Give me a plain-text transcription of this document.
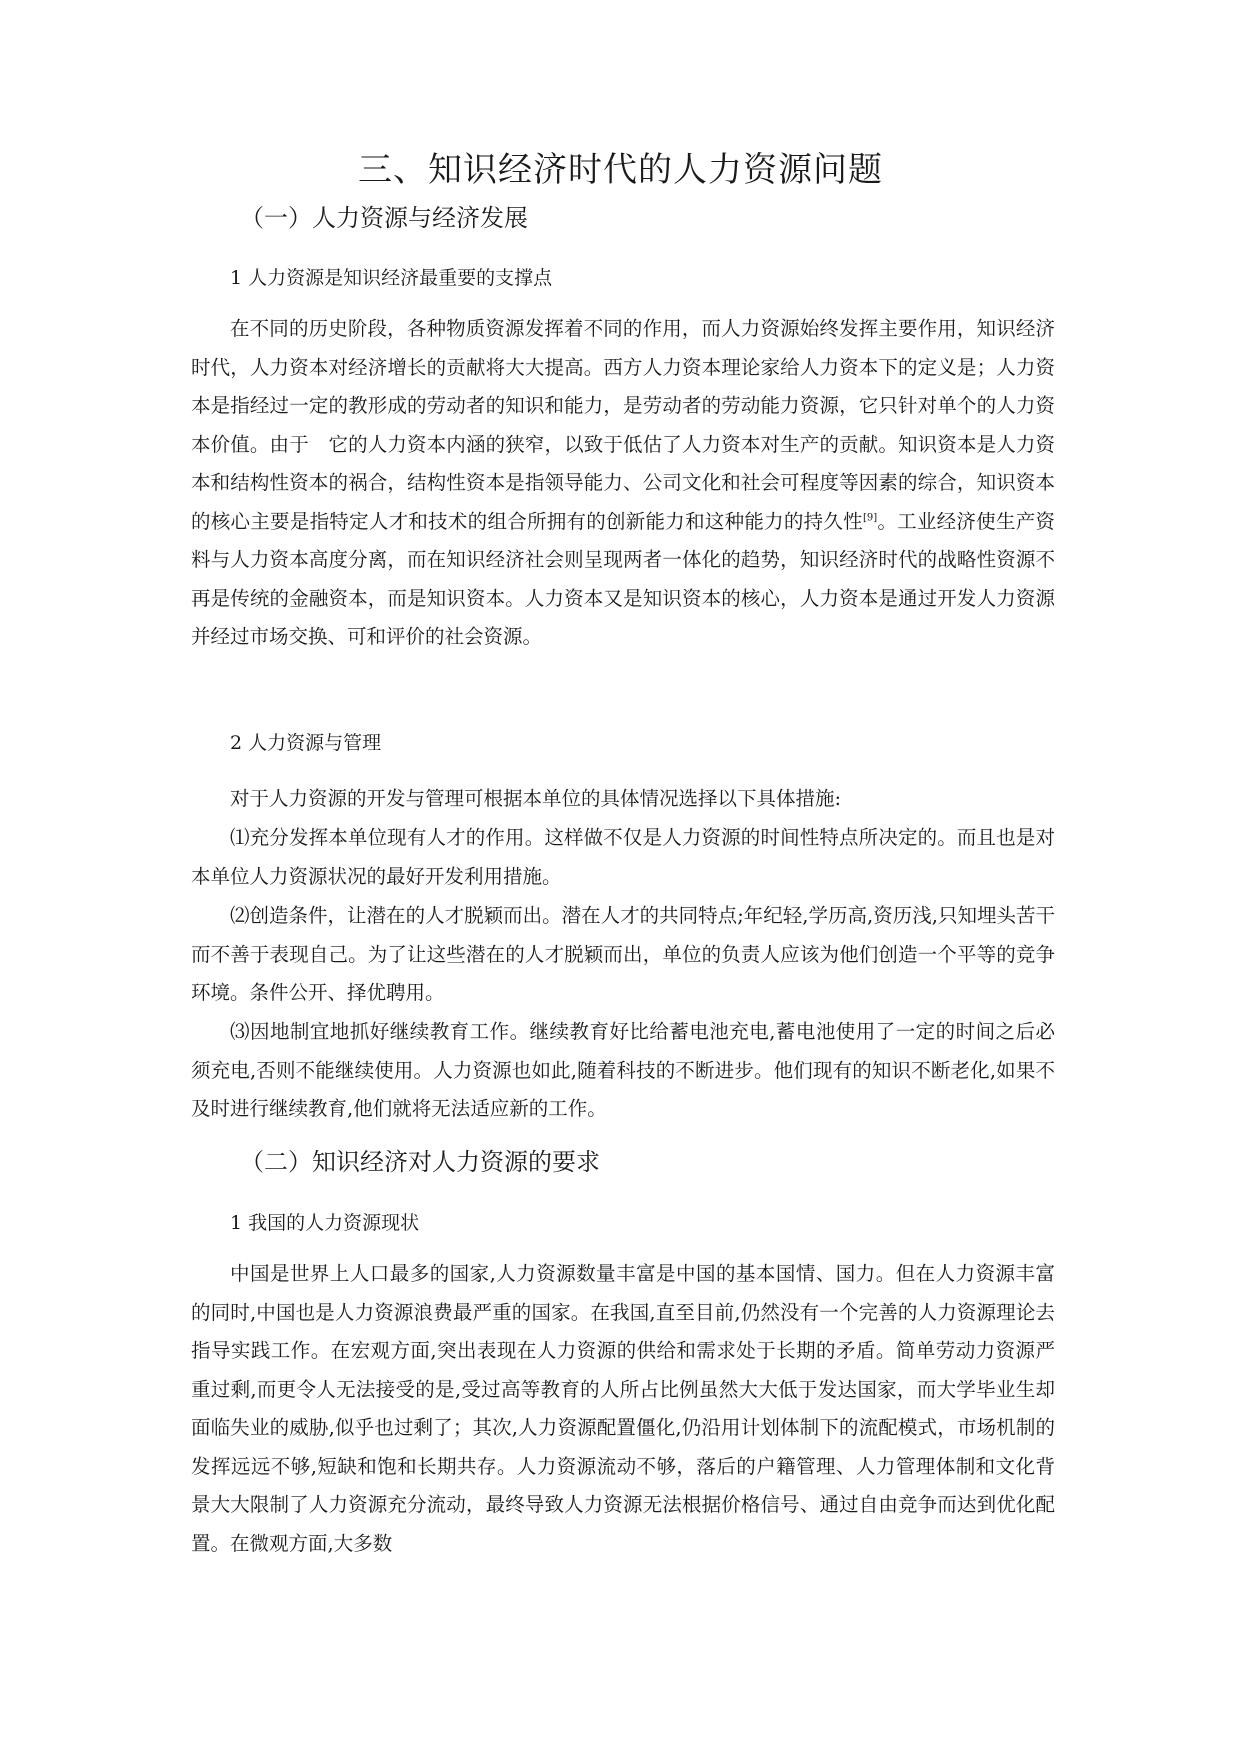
三、知识经济时代的人力资源问题
（一）人力资源与经济发展
1 人力资源是知识经济最重要的支撑点

在不同的历史阶段，各种物质资源发挥着不同的作用，而人力资源始终发挥主要作用，知识经济时代，人力资本对经济增长的贡献将大大提高。西方人力资本理论家给人力资本下的定义是；人力资本是指经过一定的教形成的劳动者的知识和能力，是劳动者的劳动能力资源，它只针对单个的人力资本价值。由于　它的人力资本内涵的狭窄，以致于低估了人力资本对生产的贡献。知识资本是人力资本和结构性资本的祸合，结构性资本是指领导能力、公司文化和社会可程度等因素的综合，知识资本的核心主要是指特定人才和技术的组合所拥有的创新能力和这种能力的持久性[9]。工业经济使生产资料与人力资本高度分离，而在知识经济社会则呈现两者一体化的趋势，知识经济时代的战略性资源不再是传统的金融资本，而是知识资本。人力资本又是知识资本的核心，人力资本是通过开发人力资源并经过市场交换、可和评价的社会资源。

2 人力资源与管理

对于人力资源的开发与管理可根据本单位的具体情况选择以下具体措施:

⑴充分发挥本单位现有人才的作用。这样做不仅是人力资源的时间性特点所决定的。而且也是对本单位人力资源状况的最好开发利用措施。

⑵创造条件，让潜在的人才脱颖而出。潜在人才的共同特点;年纪轻,学历高,资历浅,只知埋头苦干而不善于表现自己。为了让这些潜在的人才脱颖而出，单位的负责人应该为他们创造一个平等的竞争环境。条件公开、择优聘用。

⑶因地制宜地抓好继续教育工作。继续教育好比给蓄电池充电,蓄电池使用了一定的时间之后必须充电,否则不能继续使用。人力资源也如此,随着科技的不断进步。他们现有的知识不断老化,如果不及时进行继续教育,他们就将无法适应新的工作。

（二）知识经济对人力资源的要求
1 我国的人力资源现状

中国是世界上人口最多的国家,人力资源数量丰富是中国的基本国情、国力。但在人力资源丰富的同时,中国也是人力资源浪费最严重的国家。在我国,直至目前,仍然没有一个完善的人力资源理论去指导实践工作。在宏观方面,突出表现在人力资源的供给和需求处于长期的矛盾。简单劳动力资源严重过剩,而更令人无法接受的是,受过高等教育的人所占比例虽然大大低于发达国家，而大学毕业生却面临失业的威胁,似乎也过剩了；其次,人力资源配置僵化,仍沿用计划体制下的流配模式，市场机制的发挥远远不够,短缺和饱和长期共存。人力资源流动不够，落后的户籍管理、人力管理体制和文化背景大大限制了人力资源充分流动，最终导致人力资源无法根据价格信号、通过自由竞争而达到优化配置。在微观方面,大多数
